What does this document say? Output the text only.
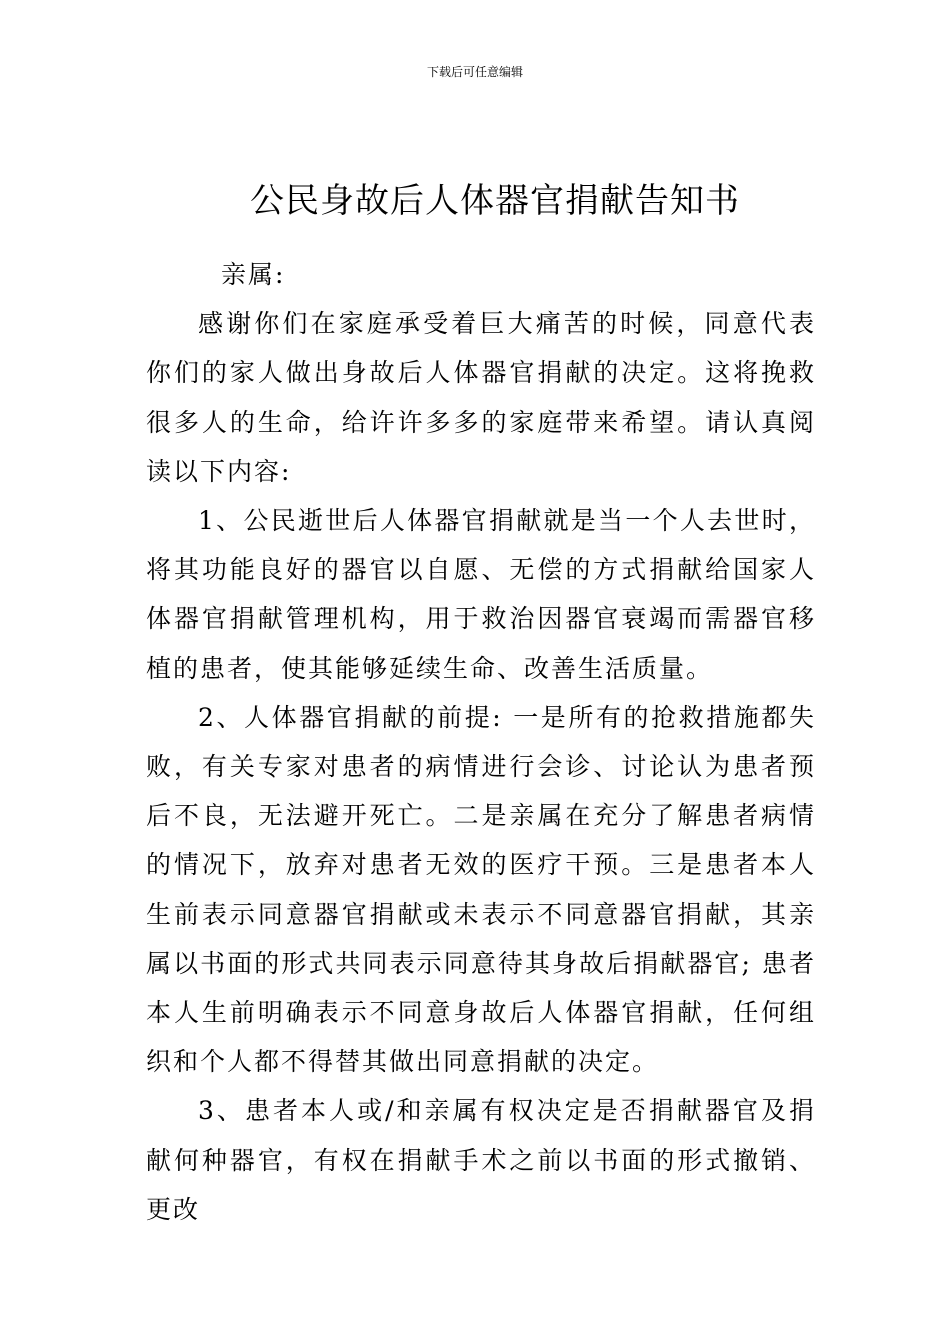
下载后可任意编辑
公民身故后人体器官捐献告知书

亲属:

感谢你们在家庭承受着巨大痛苦的时候，同意代表你们的家人做出身故后人体器官捐献的决定。这将挽救很多人的生命，给许许多多的家庭带来希望。请认真阅读以下内容:

1、公民逝世后人体器官捐献就是当一个人去世时，将其功能良好的器官以自愿、无偿的方式捐献给国家人体器官捐献管理机构，用于救治因器官衰竭而需器官移植的患者，使其能够延续生命、改善生活质量。

2、人体器官捐献的前提: 一是所有的抢救措施都失败，有关专家对患者的病情进行会诊、讨论认为患者预后不良，无法避开死亡。二是亲属在充分了解患者病情的情况下，放弃对患者无效的医疗干预。三是患者本人生前表示同意器官捐献或未表示不同意器官捐献，其亲属以书面的形式共同表示同意待其身故后捐献器官; 患者本人生前明确表示不同意身故后人体器官捐献，任何组织和个人都不得替其做出同意捐献的决定。

3、患者本人或/和亲属有权决定是否捐献器官及捐献何种器官，有权在捐献手术之前以书面的形式撤销、更改
